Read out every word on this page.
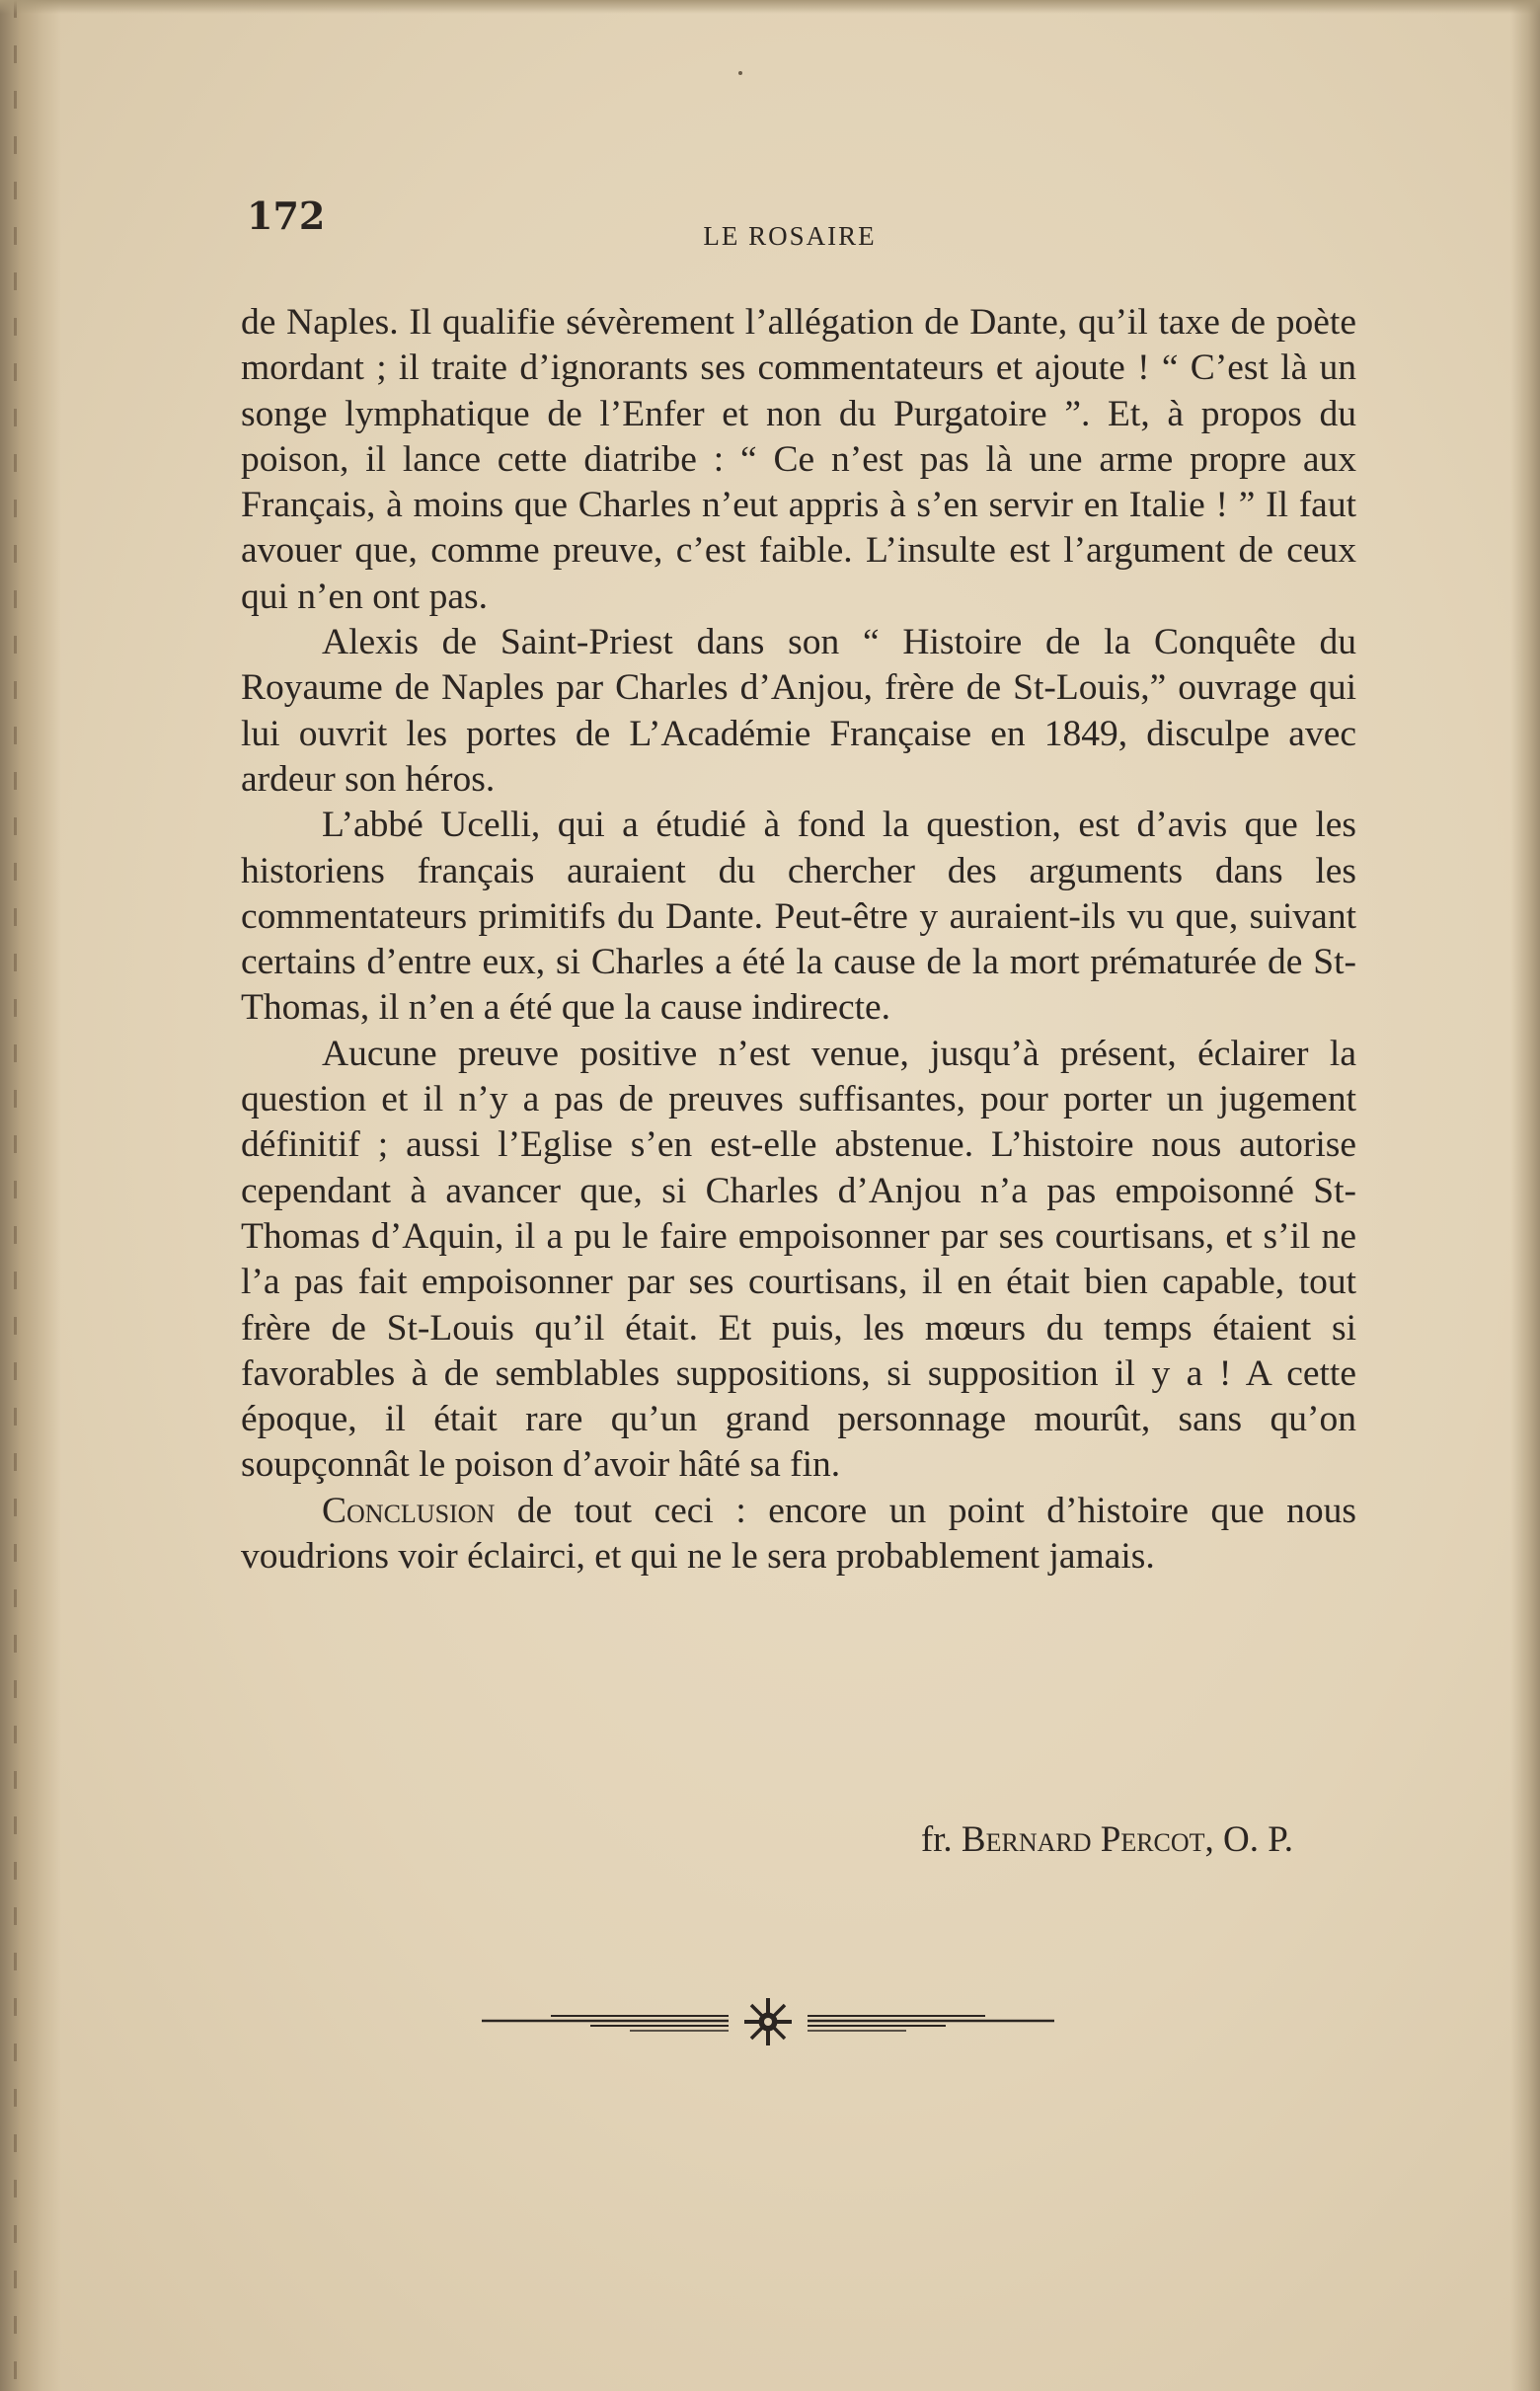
172	LE ROSAIRE

de Naples. Il qualifie sévèrement l’allégation de Dante, qu’il taxe de poète mordant ; il traite d’ignorants ses commentateurs et ajoute ! “ C’est là un songe lymphatique de l’Enfer et non du Purgatoire ”. Et, à propos du poison, il lance cette diatribe : “ Ce n’est pas là une arme propre aux Français, à moins que Charles n’eut appris à s’en servir en Italie ! ” Il faut avouer que, comme preuve, c’est faible. L’insulte est l’argument de ceux qui n’en ont pas.

Alexis de Saint-Priest dans son “ Histoire de la Conquête du Royaume de Naples par Charles d’Anjou, frère de St-Louis,” ouvrage qui lui ouvrit les portes de L’Académie Française en 1849, disculpe avec ardeur son héros.

L’abbé Ucelli, qui a étudié à fond la question, est d’avis que les historiens français auraient du chercher des arguments dans les commentateurs primitifs du Dante. Peut-être y auraient-ils vu que, suivant certains d’entre eux, si Charles a été la cause de la mort prématurée de St-Thomas, il n’en a été que la cause indirecte.

Aucune preuve positive n’est venue, jusqu’à présent, éclairer la question et il n’y a pas de preuves suffisantes, pour porter un jugement définitif ; aussi l’Eglise s’en est-elle abstenue. L’histoire nous autorise cependant à avancer que, si Charles d’Anjou n’a pas empoisonné St-Thomas d’Aquin, il a pu le faire empoisonner par ses courtisans, et s’il ne l’a pas fait empoisonner par ses courtisans, il en était bien capable, tout frère de St-Louis qu’il était. Et puis, les mœurs du temps étaient si favorables à de semblables suppositions, si supposition il y a ! A cette époque, il était rare qu’un grand personnage mourût, sans qu’on soupçonnât le poison d’avoir hâté sa fin.

Conclusion de tout ceci : encore un point d’histoire que nous voudrions voir éclairci, et qui ne le sera probablement jamais.

fr. Bernard Percot, O. P.
